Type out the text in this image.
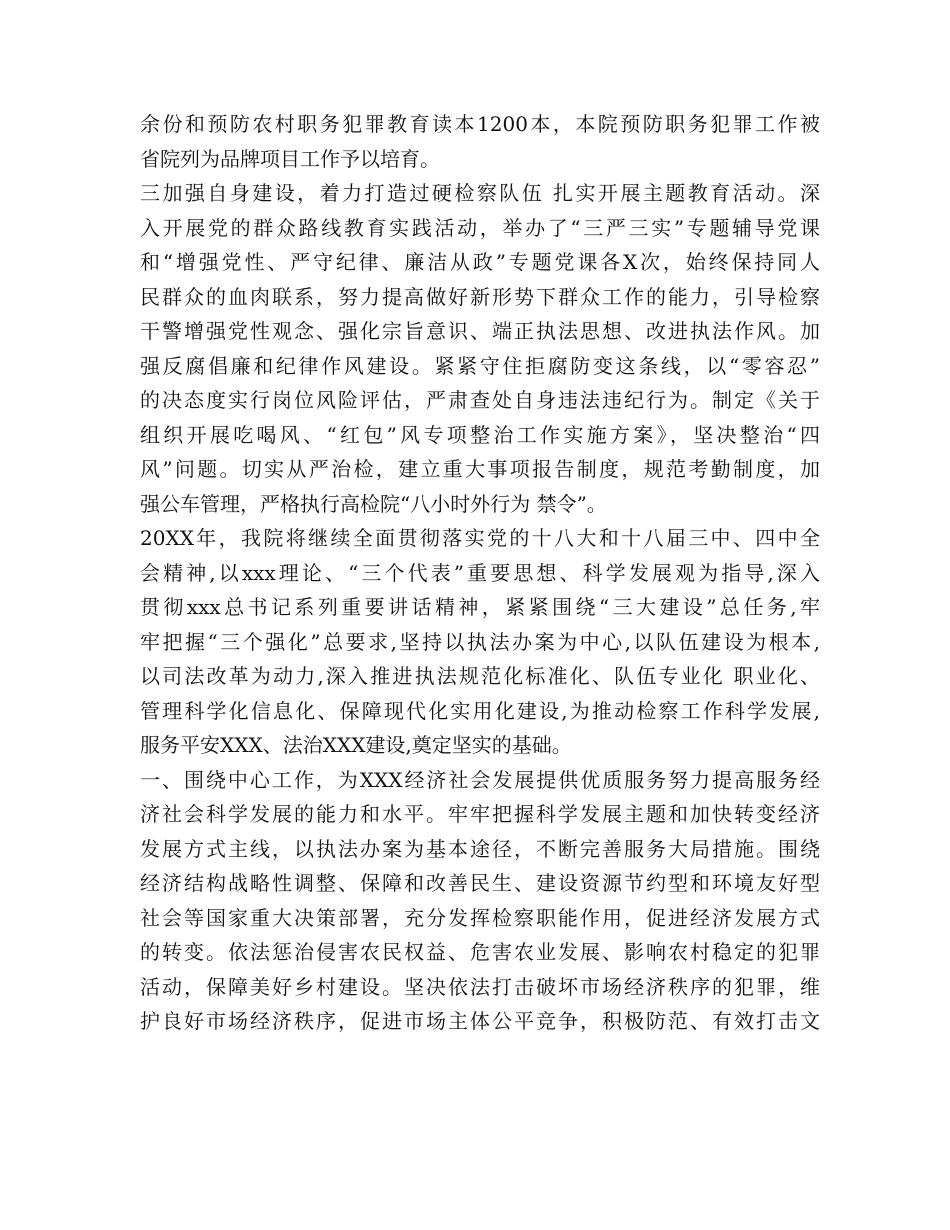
余份和预防农村职务犯罪教育读本1200本，本院预防职务犯罪工作被
省院列为品牌项目工作予以培育。
三加强自身建设，着力打造过硬检察队伍 扎实开展主题教育活动。深
入开展党的群众路线教育实践活动，举办了“三严三实”专题辅导党课
和“增强党性、严守纪律、廉洁从政”专题党课各X次，始终保持同人
民群众的血肉联系，努力提高做好新形势下群众工作的能力，引导检察
干警增强党性观念、强化宗旨意识、端正执法思想、改进执法作风。加
强反腐倡廉和纪律作风建设。紧紧守住拒腐防变这条线，以“零容忍”
的决态度实行岗位风险评估，严肃查处自身违法违纪行为。制定《关于
组织开展吃喝风、“红包”风专项整治工作实施方案》，坚决整治“四
风”问题。切实从严治检，建立重大事项报告制度，规范考勤制度，加
强公车管理，严格执行高检院“八小时外行为 禁令”。
20XX年，我院将继续全面贯彻落实党的十八大和十八届三中、四中全
会精神,以xxx理论、“三个代表”重要思想、科学发展观为指导,深入
贯彻xxx总书记系列重要讲话精神，紧紧围绕“三大建设”总任务,牢
牢把握“三个强化”总要求,坚持以执法办案为中心,以队伍建设为根本,
以司法改革为动力,深入推进执法规范化标准化、队伍专业化 职业化、
管理科学化信息化、保障现代化实用化建设,为推动检察工作科学发展,
服务平安XXX、法治XXX建设,奠定坚实的基础。
一、围绕中心工作，为XXX经济社会发展提供优质服务努力提高服务经
济社会科学发展的能力和水平。牢牢把握科学发展主题和加快转变经济
发展方式主线，以执法办案为基本途径，不断完善服务大局措施。围绕
经济结构战略性调整、保障和改善民生、建设资源节约型和环境友好型
社会等国家重大决策部署，充分发挥检察职能作用，促进经济发展方式
的转变。依法惩治侵害农民权益、危害农业发展、影响农村稳定的犯罪
活动，保障美好乡村建设。坚决依法打击破坏市场经济秩序的犯罪，维
护良好市场经济秩序，促进市场主体公平竞争，积极防范、有效打击文
